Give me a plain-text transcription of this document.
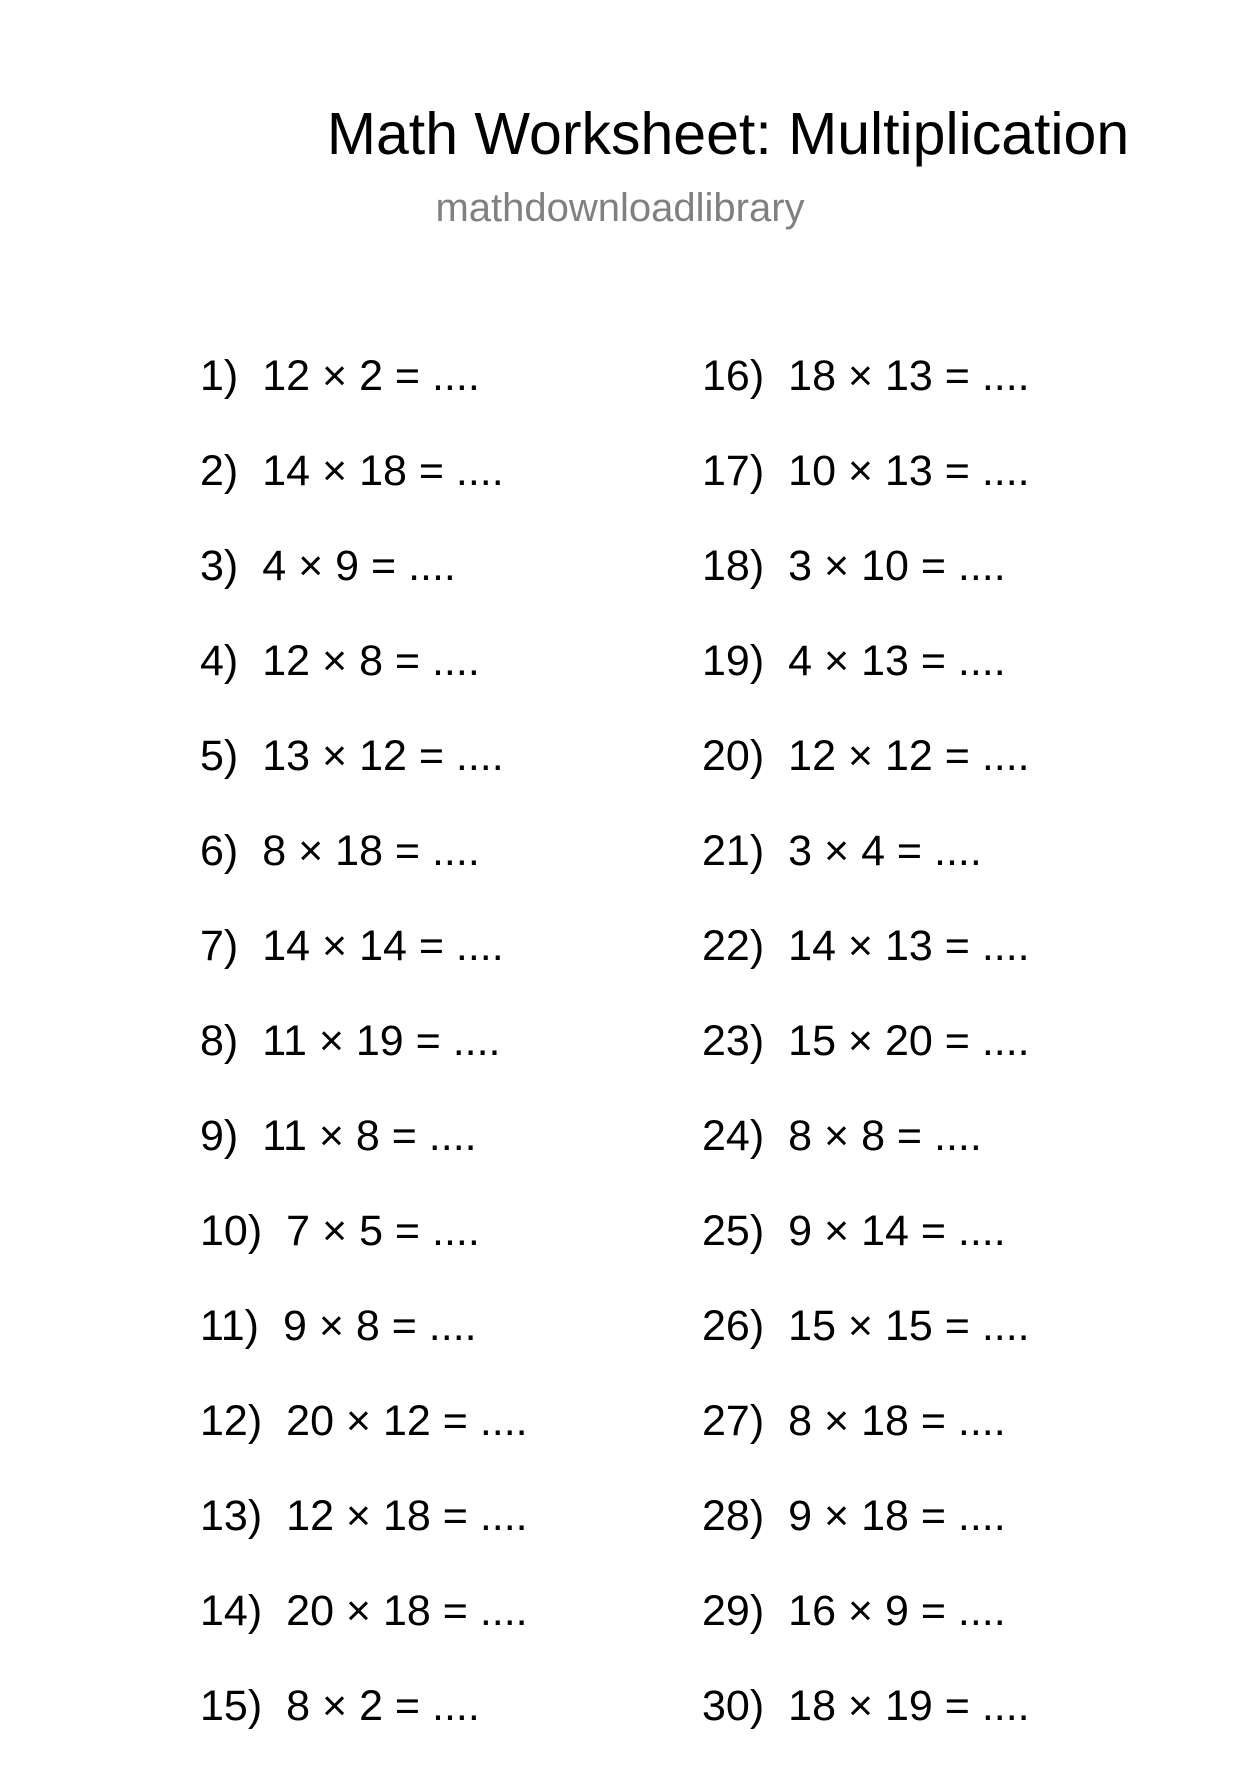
Math Worksheet: Multiplication
mathdownloadlibrary
1) 12 × 2 = ....
2) 14 × 18 = ....
3) 4 × 9 = ....
4) 12 × 8 = ....
5) 13 × 12 = ....
6) 8 × 18 = ....
7) 14 × 14 = ....
8) 11 × 19 = ....
9) 11 × 8 = ....
10) 7 × 5 = ....
11) 9 × 8 = ....
12) 20 × 12 = ....
13) 12 × 18 = ....
14) 20 × 18 = ....
15) 8 × 2 = ....
16) 18 × 13 = ....
17) 10 × 13 = ....
18) 3 × 10 = ....
19) 4 × 13 = ....
20) 12 × 12 = ....
21) 3 × 4 = ....
22) 14 × 13 = ....
23) 15 × 20 = ....
24) 8 × 8 = ....
25) 9 × 14 = ....
26) 15 × 15 = ....
27) 8 × 18 = ....
28) 9 × 18 = ....
29) 16 × 9 = ....
30) 18 × 19 = ....
